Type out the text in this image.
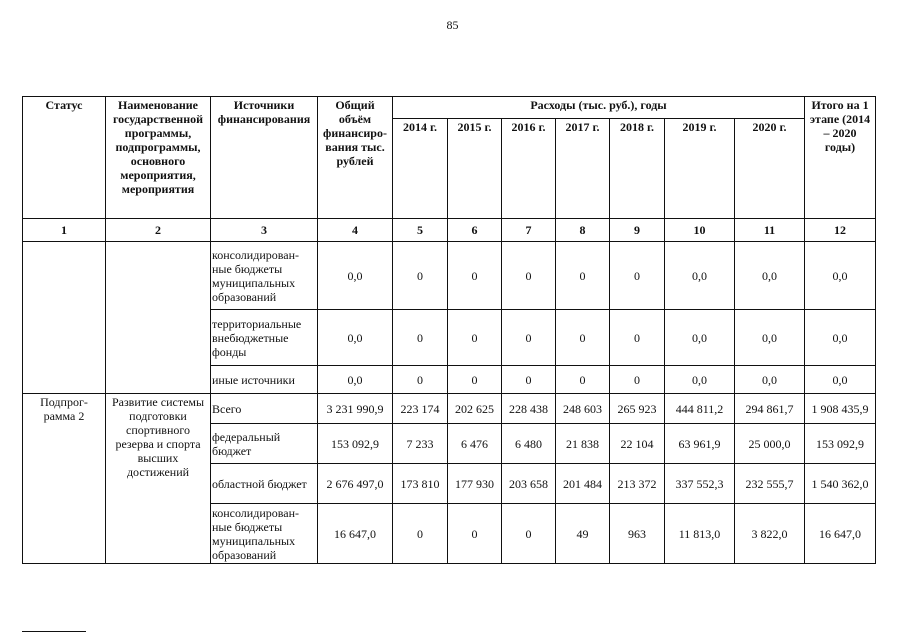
85
Статус	Наименование государственной программы, подпрограммы, основного мероприятия, мероприятия	Источники финансирования	Общий объём финансиро-вания тыс. рублей	Расходы (тыс. руб.), годы							Итого на 1 этапе (2014 – 2020 годы)
				2014 г.	2015 г.	2016 г.	2017 г.	2018 г.	2019 г.	2020 г.	
1	2	3	4	5	6	7	8	9	10	11	12
		консолидирован-ные бюджеты муниципальных образований	0,0	0	0	0	0	0	0,0	0,0	0,0
		территориальные внебюджетные фонды	0,0	0	0	0	0	0	0,0	0,0	0,0
		иные источники	0,0	0	0	0	0	0	0,0	0,0	0,0
Подпрог-рамма 2	Развитие системы подготовки спортивного резерва и спорта высших достижений	Всего	3 231 990,9	223 174	202 625	228 438	248 603	265 923	444 811,2	294 861,7	1 908 435,9
		федеральный бюджет	153 092,9	7 233	6 476	6 480	21 838	22 104	63 961,9	25 000,0	153 092,9
		областной бюджет	2 676 497,0	173 810	177 930	203 658	201 484	213 372	337 552,3	232 555,7	1 540 362,0
		консолидирован-ные бюджеты муниципальных образований	16 647,0	0	0	0	49	963	11 813,0	3 822,0	16 647,0
